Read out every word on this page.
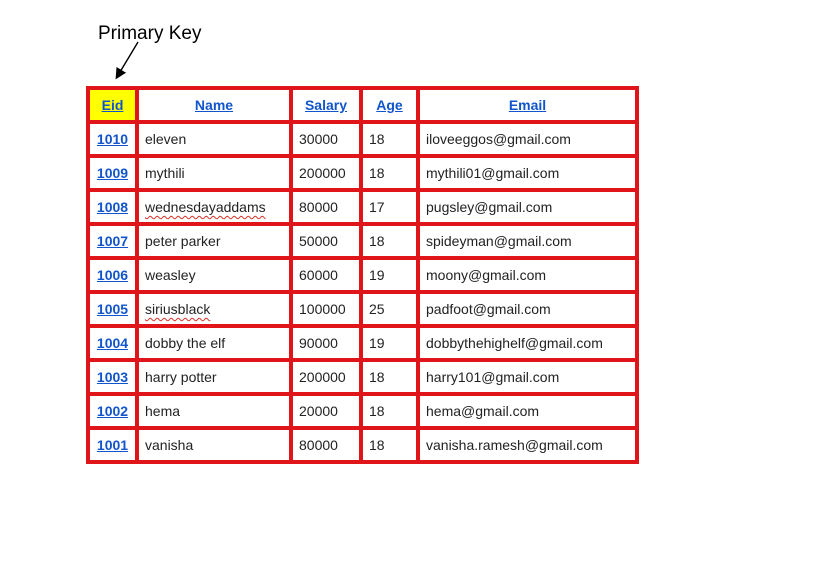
Primary Key
Eid	Name	Salary	Age	Email
1010	eleven	30000	18	iloveeggos@gmail.com
1009	mythili	200000	18	mythili01@gmail.com
1008	wednesdayaddams	80000	17	pugsley@gmail.com
1007	peter parker	50000	18	spideyman@gmail.com
1006	weasley	60000	19	moony@gmail.com
1005	siriusblack	100000	25	padfoot@gmail.com
1004	dobby the elf	90000	19	dobbythehighelf@gmail.com
1003	harry potter	200000	18	harry101@gmail.com
1002	hema	20000	18	hema@gmail.com
1001	vanisha	80000	18	vanisha.ramesh@gmail.com
